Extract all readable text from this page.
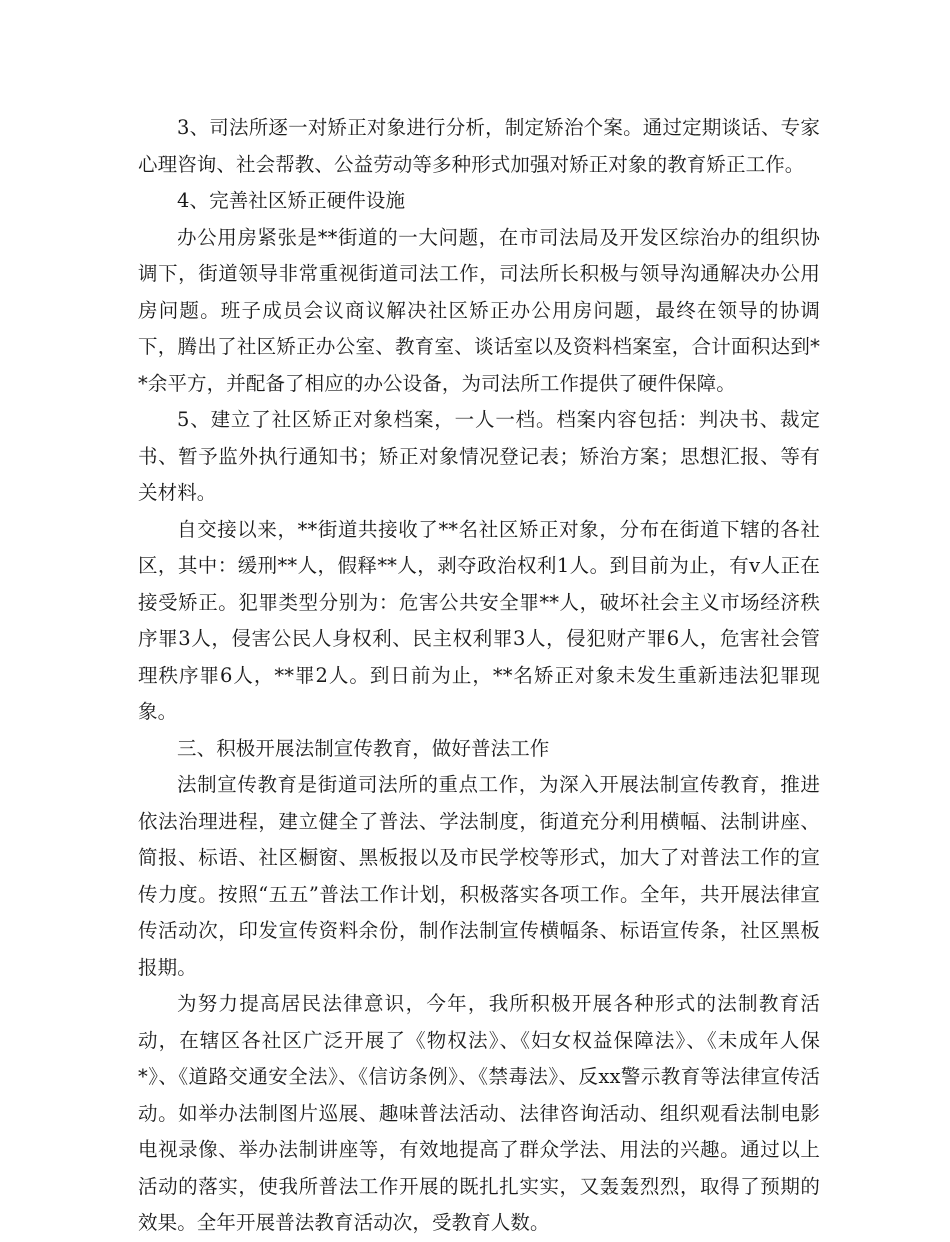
3、司法所逐一对矫正对象进行分析，制定矫治个案。通过定期谈话、专家心理咨询、社会帮教、公益劳动等多种形式加强对矫正对象的教育矫正工作。

4、完善社区矫正硬件设施

办公用房紧张是**街道的一大问题，在市司法局及开发区综治办的组织协调下，街道领导非常重视街道司法工作，司法所长积极与领导沟通解决办公用房问题。班子成员会议商议解决社区矫正办公用房问题，最终在领导的协调下，腾出了社区矫正办公室、教育室、谈话室以及资料档案室，合计面积达到**余平方，并配备了相应的办公设备，为司法所工作提供了硬件保障。

5、建立了社区矫正对象档案，一人一档。档案内容包括：判决书、裁定书、暂予监外执行通知书；矫正对象情况登记表；矫治方案；思想汇报、等有关材料。

自交接以来，**街道共接收了**名社区矫正对象，分布在街道下辖的各社区，其中：缓刑**人，假释**人，剥夺政治权利1人。到目前为止，有v人正在接受矫正。犯罪类型分别为：危害公共安全罪**人，破坏社会主义市场经济秩序罪3人，侵害公民人身权利、民主权利罪3人，侵犯财产罪6人，危害社会管理秩序罪6人，**罪2人。到日前为止，**名矫正对象未发生重新违法犯罪现象。

三、积极开展法制宣传教育，做好普法工作

法制宣传教育是街道司法所的重点工作，为深入开展法制宣传教育，推进依法治理进程，建立健全了普法、学法制度，街道充分利用横幅、法制讲座、简报、标语、社区橱窗、黑板报以及市民学校等形式，加大了对普法工作的宣传力度。按照“五五”普法工作计划，积极落实各项工作。全年，共开展法律宣传活动次，印发宣传资料余份，制作法制宣传横幅条、标语宣传条，社区黑板报期。

为努力提高居民法律意识，今年，我所积极开展各种形式的法制教育活动，在辖区各社区广泛开展了《物权法》、《妇女权益保障法》、《未成年人保*》、《道路交通安全法》、《信访条例》、《禁毒法》、反xx警示教育等法律宣传活动。如举办法制图片巡展、趣味普法活动、法律咨询活动、组织观看法制电影电视录像、举办法制讲座等，有效地提高了群众学法、用法的兴趣。通过以上活动的落实，使我所普法工作开展的既扎扎实实，又轰轰烈烈，取得了预期的效果。全年开展普法教育活动次，受教育人数。
